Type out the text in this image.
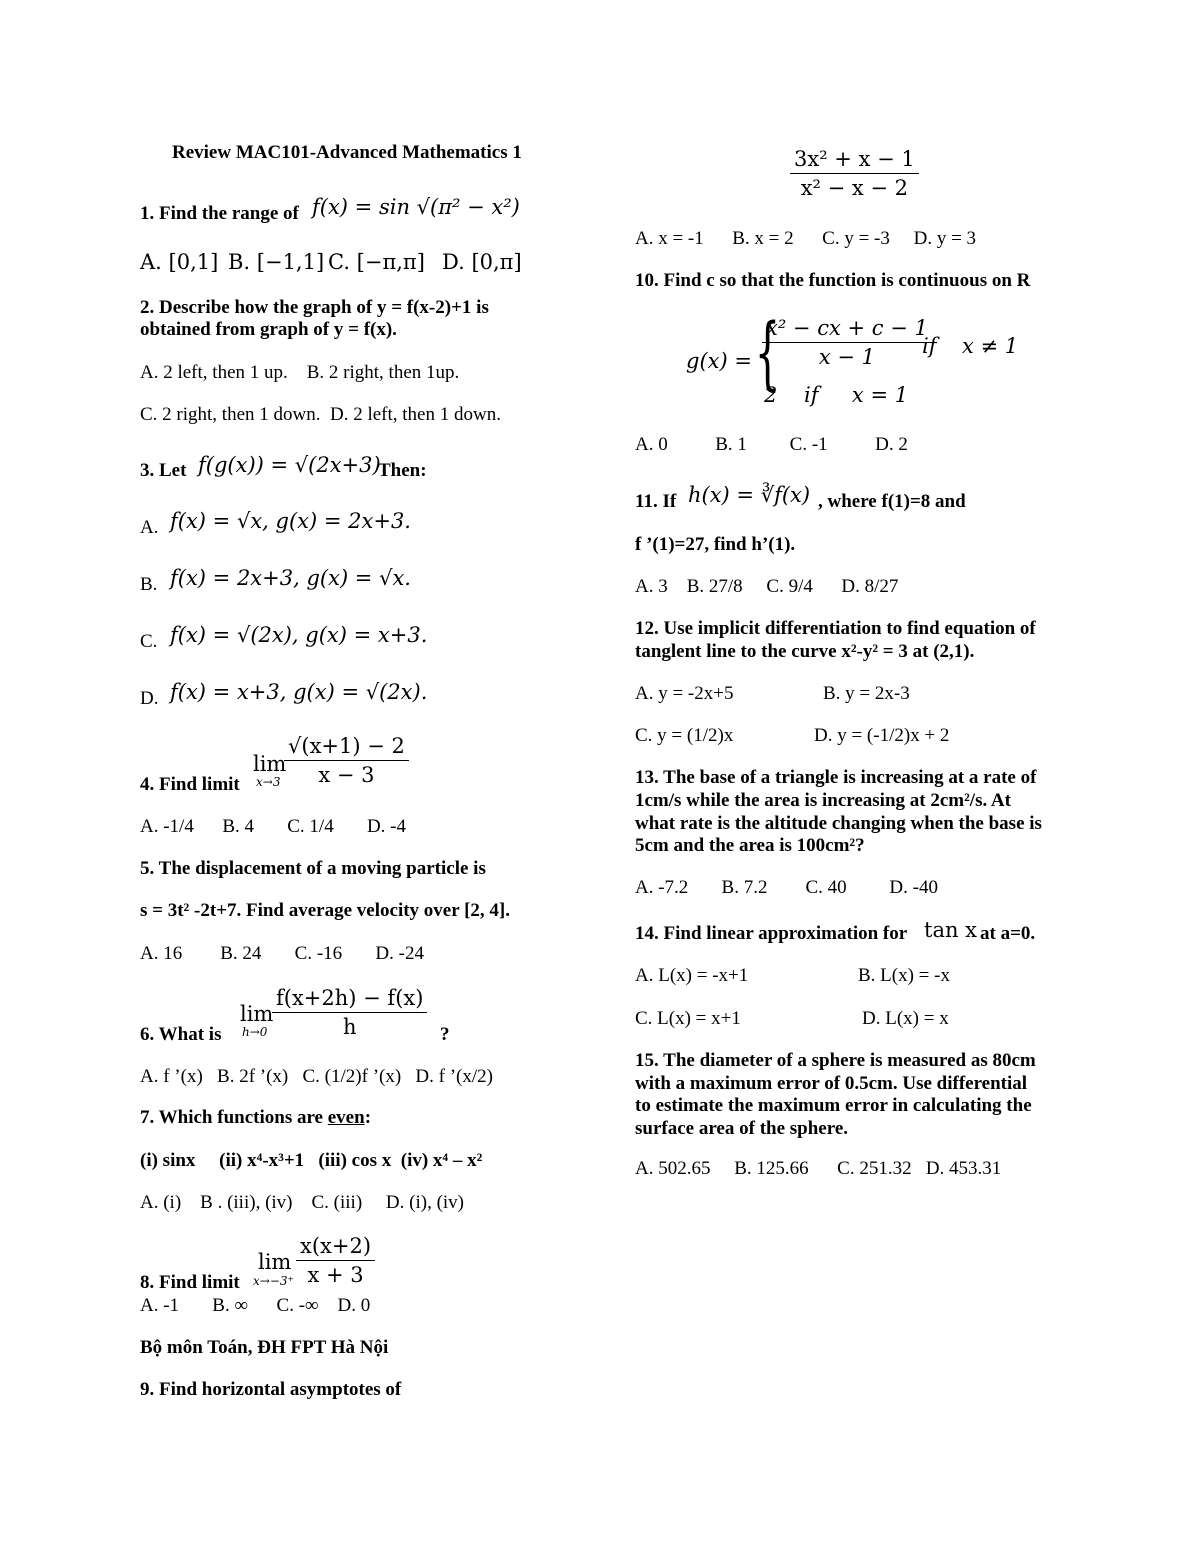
Review MAC101-Advanced Mathematics 1
1. Find the range of f(x) = sin √(π² − x²)
A. [0,1] B. [−1,1] C. [−π,π] D. [0,π]
2. Describe how the graph of y = f(x-2)+1 is
obtained from graph of y = f(x).
A. 2 left, then 1 up.    B. 2 right, then 1up.
C. 2 right, then 1 down.  D. 2 left, then 1 down.
3. Let f(g(x)) = √(2x+3).
Then:
A. f(x) = √x, g(x) = 2x+3.
B. f(x) = 2x+3, g(x) = √x.
C. f(x) = √(2x), g(x) = x+3.
D. f(x) = x+3, g(x) = √(2x).
4. Find limit
lim
$x\to 3 \frac{√(x+1) - 2}{x - 3}$
A. -1/4      B. 4       C. 1/4       D. -4
5. The displacement of a moving particle is
s = 3t² -2t+7. Find average velocity over [2, 4].
A. 16        B. 24       C. -16       D. -24
6. What is
lim
$h\to 0 \frac{f(x+2h) - f(x)}{h}$ ?
A. f ’(x)   B. 2f ’(x)   C. (1/2)f ’(x)   D. f ’(x/2)
7. Which functions are even:
(i) sinx     (ii) x⁴-x³+1   (iii) cos x  (iv) x⁴ – x²
A. (i)    B . (iii), (iv)    C. (iii)     D. (i), (iv)
8. Find limit
lim
$x\to-3^+ \frac{x(x+2)}{x + 3}$
A. -1       B. ∞      C. -∞    D. 0
Bộ môn Toán, ĐH FPT Hà Nội
9. Find horizontal asymptotes of
$\frac{\text{3x² + x − 1}}{\text{x² − x − 2}}$
A. x = -1      B. x = 2      C. y = -3     D. y = 3
10. Find c so that the function is continuous on R
g(x) = {
$\frac{\text{x² − cx + c − 1}}{x - 1}$
if x ≠ 1
2    if     x = 1
A. 0          B. 1         C. -1          D. 2
11. If h(x) = ∛f(x) , where f(1)=8 and
f ’(1)=27, find h’(1).
A. 3    B. 27/8     C. 9/4      D. 8/27
12. Use implicit differentiation to find equation of
tanglent line to the curve x²-y² = 3 at (2,1).
A. y = -2x+5	B. y = 2x-3
C. y = (1/2)x	D. y = (-1/2)x + 2
13. The base of a triangle is increasing at a rate of
1cm/s while the area is increasing at 2cm²/s. At
what rate is the altitude changing when the base is
5cm and the area is 100cm²?
A. -7.2       B. 7.2        C. 40         D. -40
14. Find linear approximation for tan x at a=0.
A. L(x) = -x+1	B. L(x) = -x
C. L(x) = x+1	D. L(x) = x
15. The diameter of a sphere is measured as 80cm
with a maximum error of 0.5cm. Use differential
to estimate the maximum error in calculating the
surface area of the sphere.
A. 502.65     B. 125.66      C. 251.32   D. 453.31
